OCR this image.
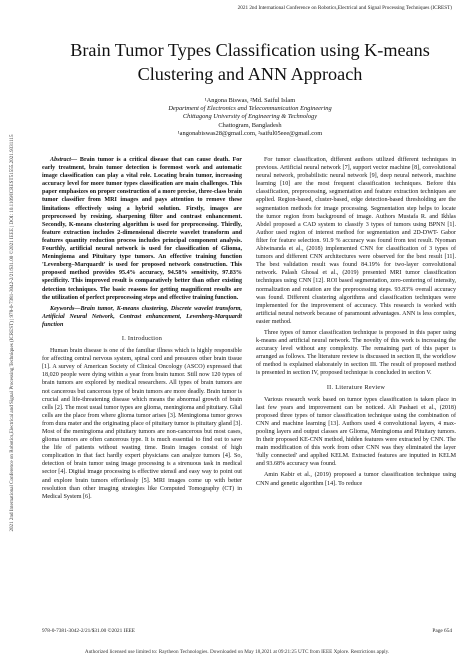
2021 2nd International Conference on Robotics,Electrical and Signal Processing Techniques (ICREST)
2021 2nd International Conference on Robotics,Electrical and Signal Processing Techniques (ICREST) | 978-0-7381-3042-2/21/$31.00 ©2021 IEEE | DOI: 10.1109/ICREST51555.2021.9331115
Brain Tumor Types Classification using K-means
Clustering and ANN Approach
¹Angona Biswas, ²Md. Saiful Islam
Department of Electronics and Telecommunication Engineering
Chittagong University of Engineering & Technology
Chattogram, Bangladesh
¹angonabiswas28@gmail.com, ²saiful05eee@gmail.com

Abstract— Brain tumor is a critical disease that can cause death. For early treatment, brain tumor detection is foremost work and automatic image classification can play a vital role. Locating brain tumor, increasing accuracy level for more tumor types classification are main challenges. This paper emphasizes on proper construction of a more precise, three-class brain tumor classifier from MRI images and pays attention to remove these limitations effectively using a hybrid solution. Firstly, images are preprocessed by resizing, sharpening filter and contrast enhancement. Secondly, K-means clustering algorithm is used for preprocessing. Thirdly, feature extraction includes 2-dimensional discrete wavelet transform and features quantity reduction process includes principal component analysis. Fourthly, artificial neural network is used for classification of Glioma, Meningioma and Pituitary type tumors. An effective training function 'Levenberg–Marquardt' is used for proposed network construction. This proposed method provides 95.4% accuracy, 94.58% sensitivity, 97.83% specificity. This improved result is comparatively better than other existing detection techniques. The basic reasons for getting magnificent results are the utilization of perfect preprocessing steps and effective training function.

Keywords—Brain tumor, K-means clustering, Discrete wavelet transform, Artificial Neural Network, Contrast enhancement, Levenberg-Marquardt function

I. Introduction

Human brain disease is one of the familiar illness which is highly responsible for affecting central nervous system, spinal cord and pressures other brain tissue [1]. A survey of American Society of Clinical Oncology (ASCO) expressed that 18,020 people were dying within a year from brain tumor. Still now 120 types of brain tumors are explored by medical researchers. All types of brain tumors are not cancerous but cancerous type of brain tumors are more deadly. Brain tumor is crucial and life-threatening disease which means the abnormal growth of brain cells [2]. The most usual tumor types are glioma, meningioma and pituitary. Glial cells are the place from where glioma tumor arises [3]. Meningioma tumor grows from dura mater and the originating place of pituitary tumor is pituitary gland [3]. Most of the meningioma and pituitary tumors are non-cancerous but most cases, glioma tumors are often cancerous type. It is much essential to find out to save the life of patients without wasting time. Brain images consist of high complication in that fact hardly expert physicians can analyze tumors [4]. So, detection of brain tumor using image processing is a strenuous task in medical sector [4]. Digital image processing is effective utensil and easy way to point out and explore brain tumors effortlessly [5]. MRI images come up with better resolution than other imaging strategies like Computed Tomography (CT) in Medical System [6].

For tumor classification, different authors utilized different techniques in previous. Artificial neural network [7], support vector machine [8], convolutional neural network, probabilistic neural network [9], deep neural network, machine learning [10] are the most frequent classification techniques. Before this classification, preprocessing, segmentation and feature extraction techniques are applied. Region-based, cluster-based, edge detection-based thresholding are the segmentation methods for image processing. Segmentation step helps to locate the tumor region from background of image. Authors Mustafa R. and Ikhlas Abdel proposed a CAD system to classify 3 types of tumors using BPNN [1]. Author used region of interest method for segmentation and 2D-DWT- Gabor filter for feature selection. 91.9 % accuracy was found from test result. Nyoman Abiwinanda et al., (2018) implemented CNN for classification of 3 types of tumors and different CNN architectures were observed for the best result [11]. The best validation result was found 84.19% for two-layer convolutional network. Palash Ghosal et al., (2019) presented MRI tumor classification techniques using CNN [12]. ROI based segmentation, zero-centering of intensity, normalization and rotation are the preprocessing steps. 93.83% overall accuracy was found. Different clustering algorithms and classification techniques were implemented for the improvement of accuracy. This research is worked with artificial neural network because of paramount advantages. ANN is less complex, easier method.

Three types of tumor classification technique is proposed in this paper using k-means and artificial neural network. The novelty of this work is increasing the accuracy level without any complexity. The remaining part of this paper is arranged as follows. The literature review is discussed in section II, the workflow of method is explained elaborately in section III. The result of proposed method is presented in section IV, proposed technique is concluded in section V.

II. Literature Review

Various research work based on tumor types classification is taken place in last few years and improvement can be noticed. Ali Pashaei et al., (2018) proposed three types of tumor classification technique using the combination of CNN and machine learning [13]. Authors used 4 convolutional layers, 4 max-pooling layers and output classes are Glioma, Meningioma and Pituitary tumors. In their proposed KE-CNN method, hidden features were extracted by CNN. The main modification of this work from other CNN was they eliminated the layer 'fully connected' and applied KELM. Extracted features are inputted in KELM and 93.68% accuracy was found.

Amin Kabir et al., (2019) proposed a tumor classification technique using CNN and genetic algorithm [14]. To reduce

978-0-7381-3042-2/21/$31.00 ©2021 IEEE	Page 654
Authorized licensed use limited to: Raytheon Technologies. Downloaded on May 18,2021 at 09:21:25 UTC from IEEE Xplore. Restrictions apply.
